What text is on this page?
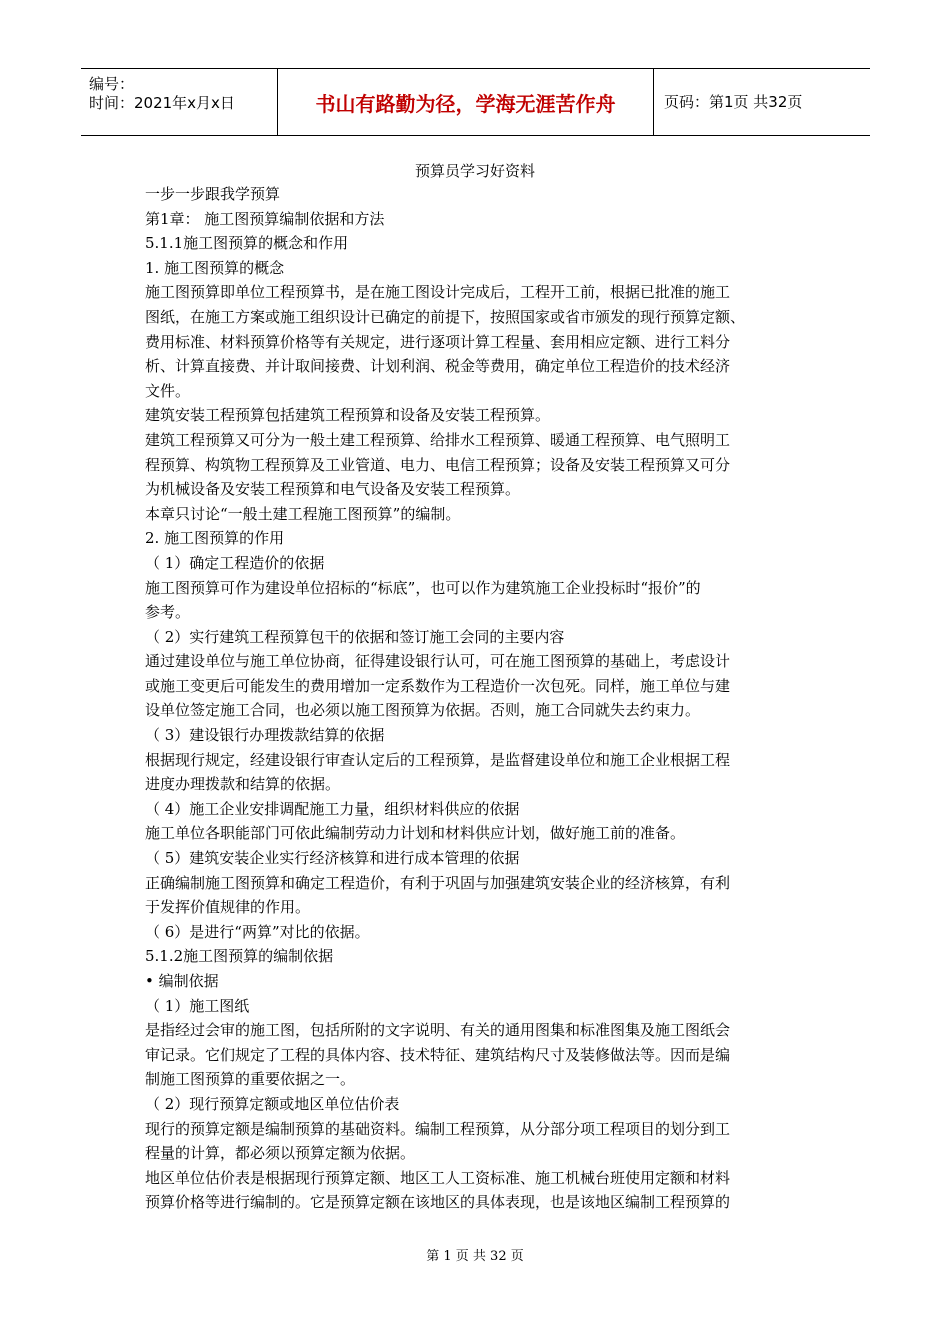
编号：
时间：2021年x月x日	书山有路勤为径，学海无涯苦作舟	页码：第1页 共32页
预算员学习好资料

一步一步跟我学预算

第1章： 施工图预算编制依据和方法

5.1.1施工图预算的概念和作用

1. 施工图预算的概念

施工图预算即单位工程预算书，是在施工图设计完成后，工程开工前，根据已批准的施工

图纸，在施工方案或施工组织设计已确定的前提下，按照国家或省市颁发的现行预算定额、

费用标准、材料预算价格等有关规定，进行逐项计算工程量、套用相应定额、进行工料分

析、计算直接费、并计取间接费、计划利润、税金等费用，确定单位工程造价的技术经济

文件。

建筑安装工程预算包括建筑工程预算和设备及安装工程预算。

建筑工程预算又可分为一般土建工程预算、给排水工程预算、暖通工程预算、电气照明工

程预算、构筑物工程预算及工业管道、电力、电信工程预算；设备及安装工程预算又可分

为机械设备及安装工程预算和电气设备及安装工程预算。

本章只讨论“一般土建工程施工图预算”的编制。

2. 施工图预算的作用

（ 1）确定工程造价的依据

施工图预算可作为建设单位招标的“标底”，也可以作为建筑施工企业投标时“报价”的

参考。

（ 2）实行建筑工程预算包干的依据和签订施工会同的主要内容

通过建设单位与施工单位协商，征得建设银行认可，可在施工图预算的基础上，考虑设计

或施工变更后可能发生的费用增加一定系数作为工程造价一次包死。同样，施工单位与建

设单位签定施工合同，也必须以施工图预算为依据。否则，施工合同就失去约束力。

（ 3）建设银行办理拨款结算的依据

根据现行规定，经建设银行审查认定后的工程预算，是监督建设单位和施工企业根据工程

进度办理拨款和结算的依据。

（ 4）施工企业安排调配施工力量，组织材料供应的依据

施工单位各职能部门可依此编制劳动力计划和材料供应计划，做好施工前的准备。

（ 5）建筑安装企业实行经济核算和进行成本管理的依据

正确编制施工图预算和确定工程造价，有利于巩固与加强建筑安装企业的经济核算，有利

于发挥价值规律的作用。

（ 6）是进行“两算”对比的依据。

5.1.2施工图预算的编制依据

• 编制依据

（ 1）施工图纸

是指经过会审的施工图，包括所附的文字说明、有关的通用图集和标准图集及施工图纸会

审记录。它们规定了工程的具体内容、技术特征、建筑结构尺寸及装修做法等。因而是编

制施工图预算的重要依据之一。

（ 2）现行预算定额或地区单位估价表

现行的预算定额是编制预算的基础资料。编制工程预算，从分部分项工程项目的划分到工

程量的计算，都必须以预算定额为依据。

地区单位估价表是根据现行预算定额、地区工人工资标准、施工机械台班使用定额和材料

预算价格等进行编制的。它是预算定额在该地区的具体表现，也是该地区编制工程预算的

第 1 页 共 32 页
